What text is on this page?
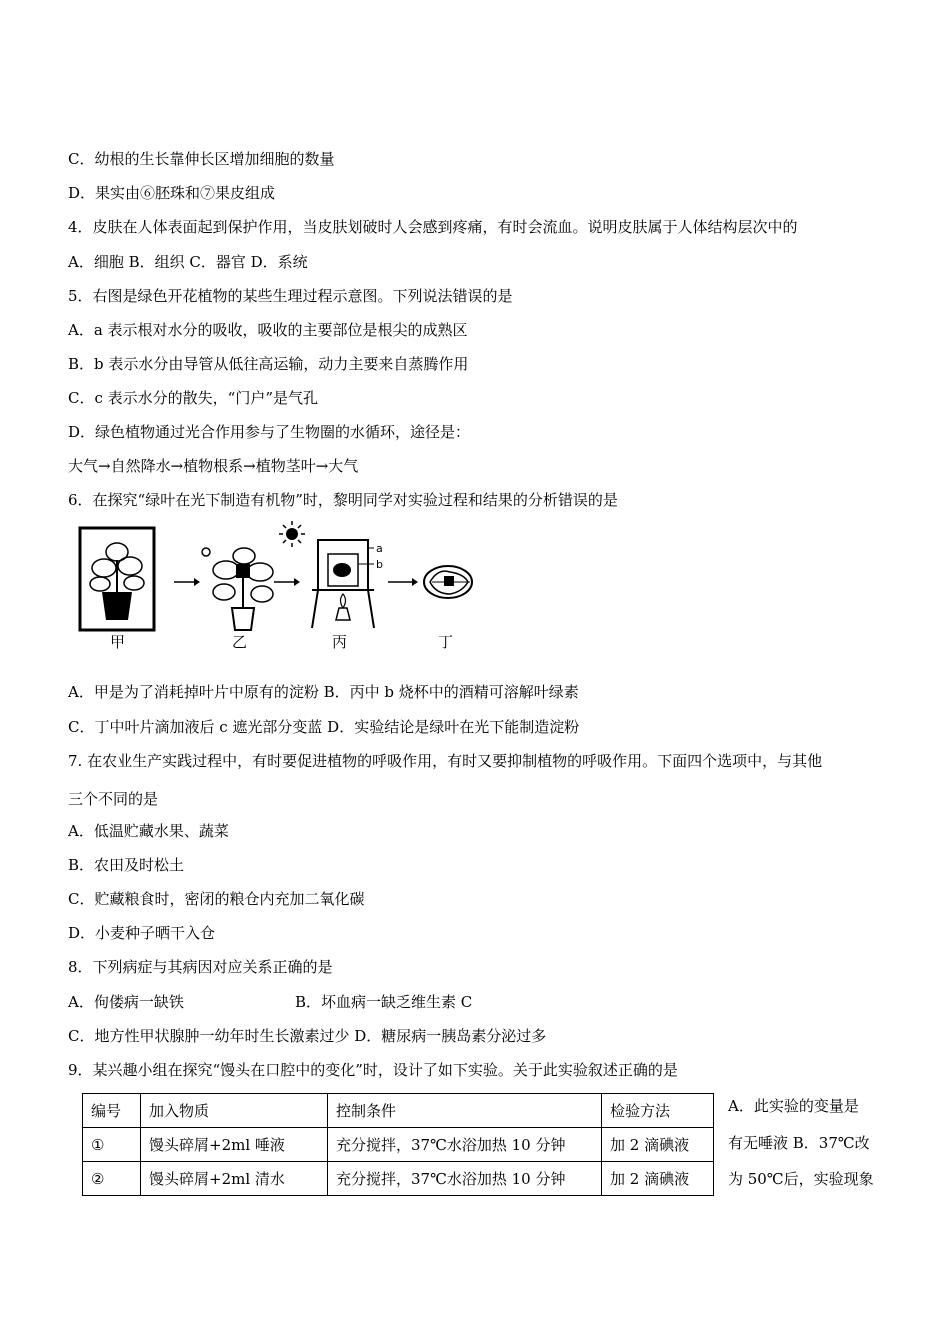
C．幼根的生长靠伸长区增加细胞的数量
D．果实由⑥胚珠和⑦果皮组成
4．皮肤在人体表面起到保护作用，当皮肤划破时人会感到疼痛，有时会流血。说明皮肤属于人体结构层次中的
A．细胞 B．组织 C．器官 D．系统
5．右图是绿色开花植物的某些生理过程示意图。下列说法错误的是
A．a 表示根对水分的吸收，吸收的主要部位是根尖的成熟区
B．b 表示水分由导管从低往高运输，动力主要来自蒸腾作用
C．c 表示水分的散失，“门户”是气孔
D．绿色植物通过光合作用参与了生物圈的水循环，途径是：
大气→自然降水→植物根系→植物茎叶→大气
6．在探究“绿叶在光下制造有机物”时，黎明同学对实验过程和结果的分析错误的是
甲	乙	丙	丁
a
b
A．甲是为了消耗掉叶片中原有的淀粉 B．丙中 b 烧杯中的酒精可溶解叶绿素
C．丁中叶片滴加液后 c 遮光部分变蓝 D．实验结论是绿叶在光下能制造淀粉
7. 在农业生产实践过程中，有时要促进植物的呼吸作用，有时又要抑制植物的呼吸作用。下面四个选项中，与其他
三个不同的是
A．低温贮藏水果、蔬菜
B．农田及时松土
C．贮藏粮食时，密闭的粮仓内充加二氧化碳
D．小麦种子晒干入仓
8．下列病症与其病因对应关系正确的是
A．佝偻病一缺铁	B．坏血病一缺乏维生素 C
C．地方性甲状腺肿一幼年时生长激素过少 D．糖尿病一胰岛素分泌过多
9．某兴趣小组在探究“馒头在口腔中的变化”时，设计了如下实验。关于此实验叙述正确的是
编号	加入物质	控制条件	检验方法
①	馒头碎屑+2ml 唾液	充分搅拌，37℃水浴加热 10 分钟	加 2 滴碘液
②	馒头碎屑+2ml 清水	充分搅拌，37℃水浴加热 10 分钟	加 2 滴碘液
A．此实验的变量是
有无唾液 B．37℃改
为 50℃后，实验现象
